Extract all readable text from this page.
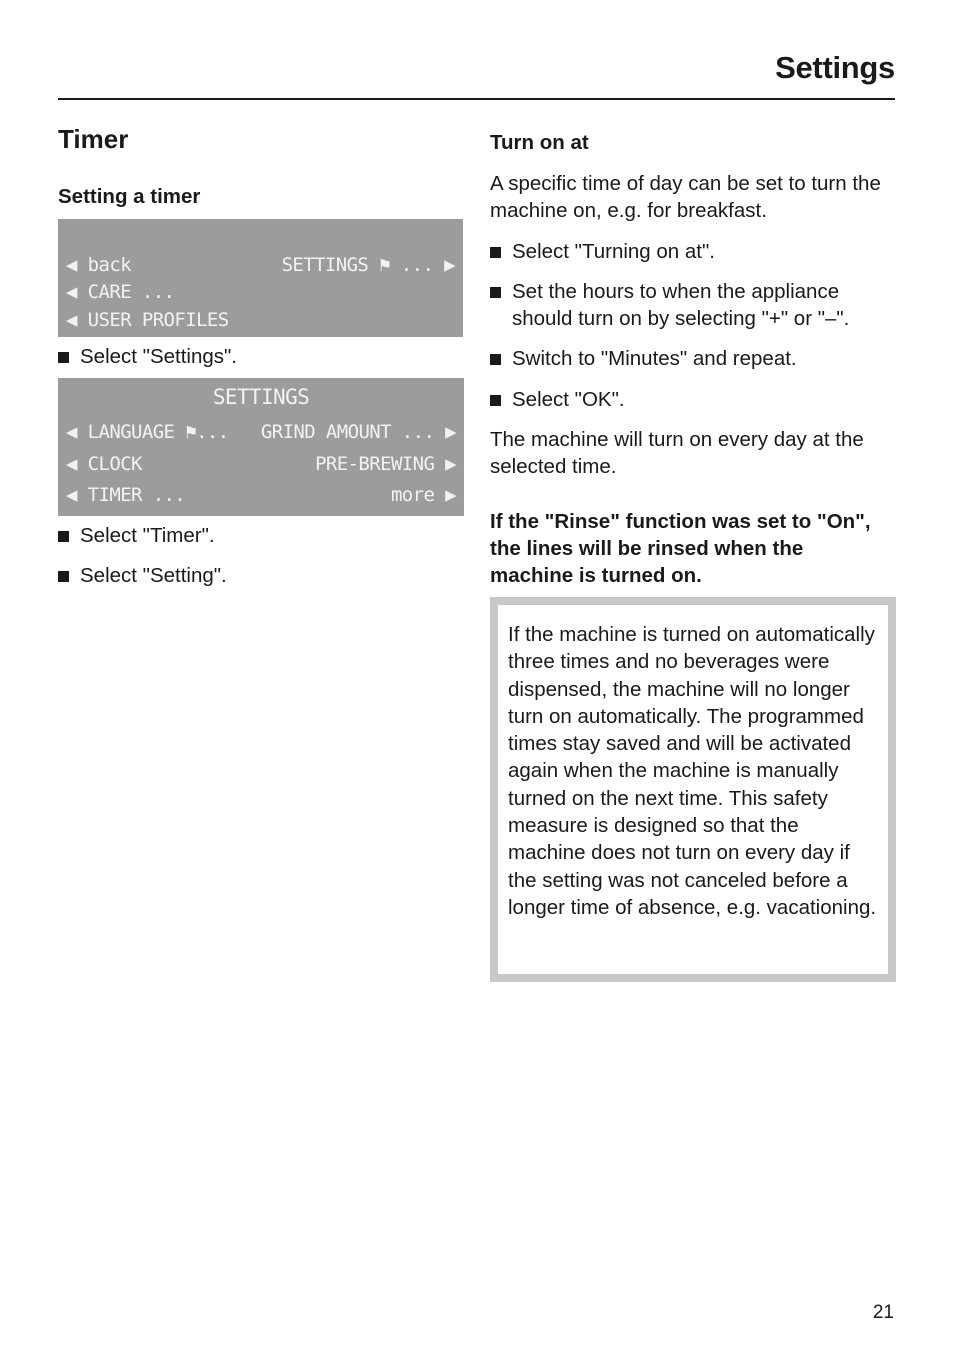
Settings
Timer
Setting a timer
◀ back	SETTINGS ⚑ ... ▶
◀ CARE ...
◀ USER PROFILES
Select "Settings".
SETTINGS
◀ LANGUAGE ⚑... GRIND AMOUNT ... ▶
◀ CLOCK	PRE-BREWING ▶
◀ TIMER ...	more ▶
Select "Timer".
Select "Setting".
Turn on at
A specific time of day can be set to turn the machine on, e.g. for breakfast.
Select "Turning on at".
Set the hours to when the appliance should turn on by selecting "+" or "–".
Switch to "Minutes" and repeat.
Select "OK".
The machine will turn on every day at the selected time.
If the "Rinse" function was set to "On", the lines will be rinsed when the machine is turned on.
If the machine is turned on automatically three times and no beverages were dispensed, the machine will no longer turn on automatically. The programmed times stay saved and will be activated again when the machine is manually turned on the next time. This safety measure is designed so that the machine does not turn on every day if the setting was not canceled before a longer time of absence, e.g. vacationing.
21
